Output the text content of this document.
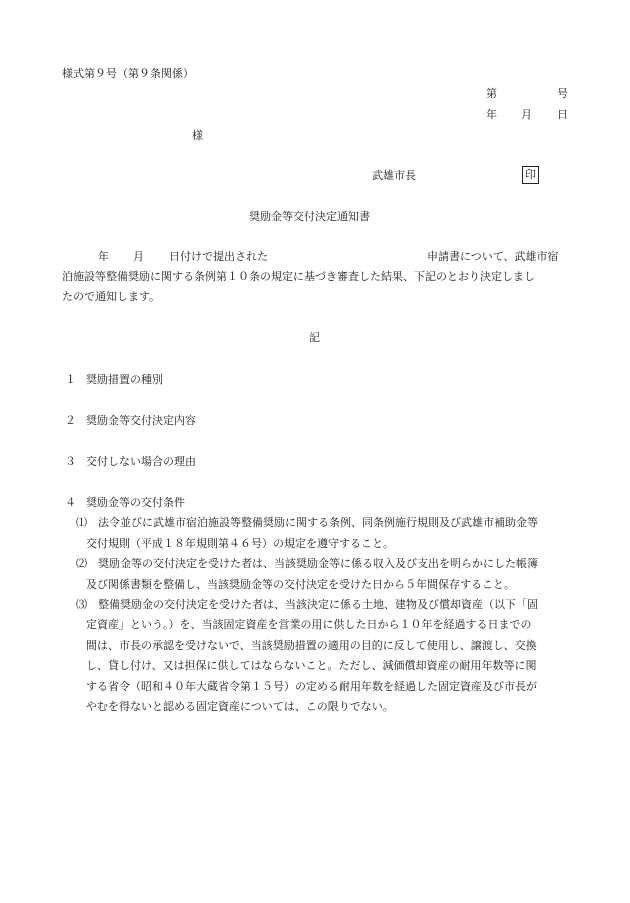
様式第９号（第９条関係）
第	号
年 月 日
様
武雄市長	印
奨励金等交付決定通知書
年 月 日付けで提出された	申請書について、武雄市宿
泊施設等整備奨励に関する条例第１０条の規定に基づき審査した結果、下記のとおり決定しまし
たので通知します。
記
１ 奨励措置の種別
２ 奨励金等交付決定内容
３ 交付しない場合の理由
４ 奨励金等の交付条件
⑴ 法令並びに武雄市宿泊施設等整備奨励に関する条例、同条例施行規則及び武雄市補助金等
交付規則（平成１８年規則第４６号）の規定を遵守すること。
⑵ 奨励金等の交付決定を受けた者は、当該奨励金等に係る収入及び支出を明らかにした帳簿
及び関係書類を整備し、当該奨励金等の交付決定を受けた日から５年間保存すること。
⑶ 整備奨励金の交付決定を受けた者は、当該決定に係る土地、建物及び償却資産（以下「固
定資産」という。）を、当該固定資産を営業の用に供した日から１０年を経過する日までの
間は、市長の承認を受けないで、当該奨励措置の適用の目的に反して使用し、譲渡し、交換
し、貸し付け、又は担保に供してはならないこと。ただし、減価償却資産の耐用年数等に関
する省令（昭和４０年大蔵省令第１５号）の定める耐用年数を経過した固定資産及び市長が
やむを得ないと認める固定資産については、この限りでない。
